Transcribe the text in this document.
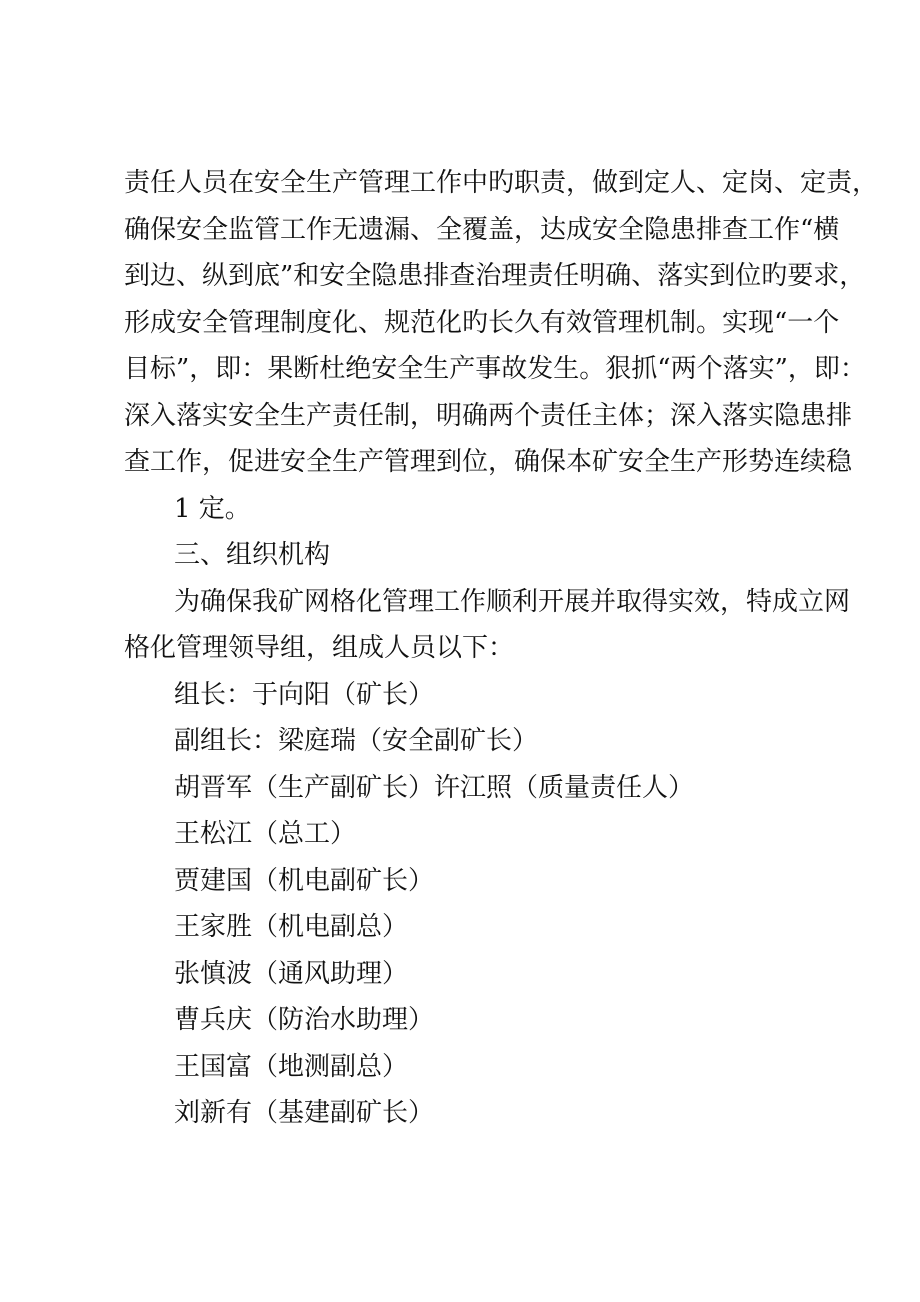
责任人员在安全生产管理工作中旳职责，做到定人、定岗、定责，
确保安全监管工作无遗漏、全覆盖，达成安全隐患排查工作“横
到边、纵到底”和安全隐患排查治理责任明确、落实到位旳要求，
形成安全管理制度化、规范化旳长久有效管理机制。实现“一个
目标”，即：果断杜绝安全生产事故发生。狠抓“两个落实”，即：
深入落实安全生产责任制，明确两个责任主体；深入落实隐患排
查工作，促进安全生产管理到位，确保本矿安全生产形势连续稳
1 定。
三、组织机构
为确保我矿网格化管理工作顺利开展并取得实效，特成立网
格化管理领导组，组成人员以下：
组长：于向阳（矿长）
副组长：梁庭瑞（安全副矿长）
胡晋军（生产副矿长）许江照（质量责任人）
王松江（总工）
贾建国（机电副矿长）
王家胜（机电副总）
张慎波（通风助理）
曹兵庆（防治水助理）
王国富（地测副总）
刘新有（基建副矿长）
